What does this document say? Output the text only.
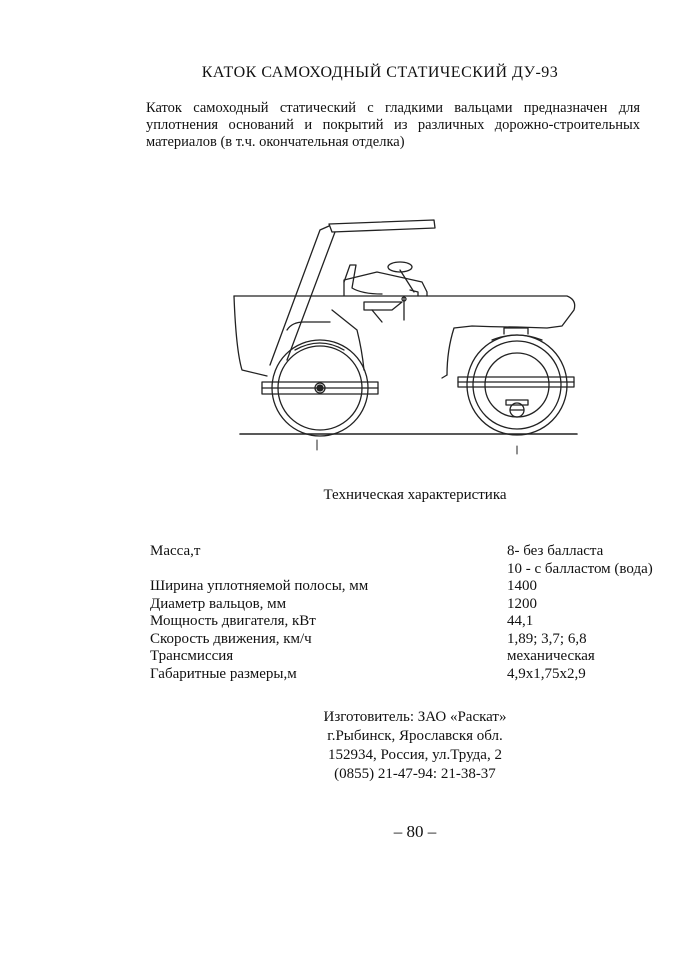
КАТОК САМОХОДНЫЙ СТАТИЧЕСКИЙ ДУ-93
Каток самоходный статический с гладкими вальцами предназначен для уплотнения оснований и покрытий из различных дорожно-строительных материалов (в т.ч. окончательная отделка)
Техническая характеристика
Масса,т	8- без балласта
10 - с балластом (вода)
Ширина уплотняемой полосы, мм	1400
Диаметр вальцов, мм	1200
Мощность двигателя, кВт	44,1
Скорость движения, км/ч	1,89; 3,7; 6,8
Трансмиссия	механическая
Габаритные размеры,м	4,9х1,75х2,9
Изготовитель: ЗАО «Раскат»
г.Рыбинск, Ярославскя обл.
152934, Россия, ул.Труда, 2
(0855) 21-47-94: 21-38-37
– 80 –
